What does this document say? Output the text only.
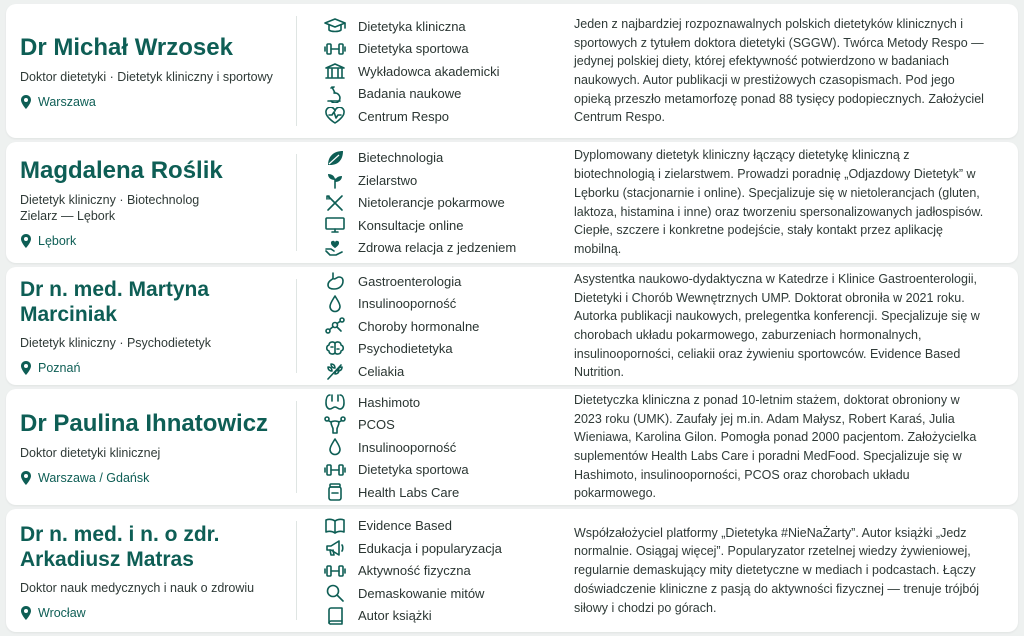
Dr Michał Wrzosek
Doktor dietetyki · Dietetyk kliniczny i sportowy
Warszawa
Dietetyka kliniczna
Dietetyka sportowa
Wykładowca akademicki
Badania naukowe
Centrum Respo

Jeden z najbardziej rozpoznawalnych polskich dietetyków klinicznych i sportowych z tytułem doktora dietetyki (SGGW). Twórca Metody Respo — jedynej polskiej diety, której efektywność potwierdzono w badaniach naukowych. Autor publikacji w prestiżowych czasopismach. Pod jego opieką przeszło metamorfozę ponad 88 tysięcy podopiecznych. Założyciel Centrum Respo.

Magdalena Roślik
Dietetyk kliniczny · Biotechnolog
Zielarz — Lębork
Lębork
Bietechnologia
Zielarstwo
Nietolerancje pokarmowe
Konsultacje online
Zdrowa relacja z jedzeniem

Dyplomowany dietetyk kliniczny łączący dietetykę kliniczną z biotechnologią i zielarstwem. Prowadzi poradnię „Odjazdowy Dietetyk” w Lęborku (stacjonarnie i online). Specjalizuje się w nietolerancjach (gluten, laktoza, histamina i inne) oraz tworzeniu spersonalizowanych jadłospisów. Ciepłe, szczere i konkretne podejście, stały kontakt przez aplikację mobilną.

Dr n. med. Martyna Marciniak
Dietetyk kliniczny · Psychodietetyk
Poznań
Gastroenterologia
Insulinooporność
Choroby hormonalne
Psychodietetyka
Celiakia

Asystentka naukowo-dydaktyczna w Katedrze i Klinice Gastroenterologii, Dietetyki i Chorób Wewnętrznych UMP. Doktorat obroniła w 2021 roku. Autorka publikacji naukowych, prelegentka konferencji. Specjalizuje się w chorobach układu pokarmowego, zaburzeniach hormonalnych, insulinooporności, celiakii oraz żywieniu sportowców. Evidence Based Nutrition.

Dr Paulina Ihnatowicz
Doktor dietetyki klinicznej
Warszawa / Gdańsk
Hashimoto
PCOS
Insulinooporność
Dietetyka sportowa
Health Labs Care

Dietetyczka kliniczna z ponad 10-letnim stażem, doktorat obroniony w 2023 roku (UMK). Zaufały jej m.in. Adam Małysz, Robert Karaś, Julia Wieniawa, Karolina Gilon. Pomogła ponad 2000 pacjentom. Założycielka suplementów Health Labs Care i poradni MedFood. Specjalizuje się w Hashimoto, insulinooporności, PCOS oraz chorobach układu pokarmowego.

Dr n. med. i n. o zdr. Arkadiusz Matras
Doktor nauk medycznych i nauk o zdrowiu
Wrocław
Evidence Based
Edukacja i popularyzacja
Aktywność fizyczna
Demaskowanie mitów
Autor książki

Współzałożyciel platformy „Dietetyka #NieNaŻarty”. Autor książki „Jedz normalnie. Osiągaj więcej”. Popularyzator rzetelnej wiedzy żywieniowej, regularnie demaskujący mity dietetyczne w mediach i podcastach. Łączy doświadczenie kliniczne z pasją do aktywności fizycznej — trenuje trójbój siłowy i chodzi po górach.
